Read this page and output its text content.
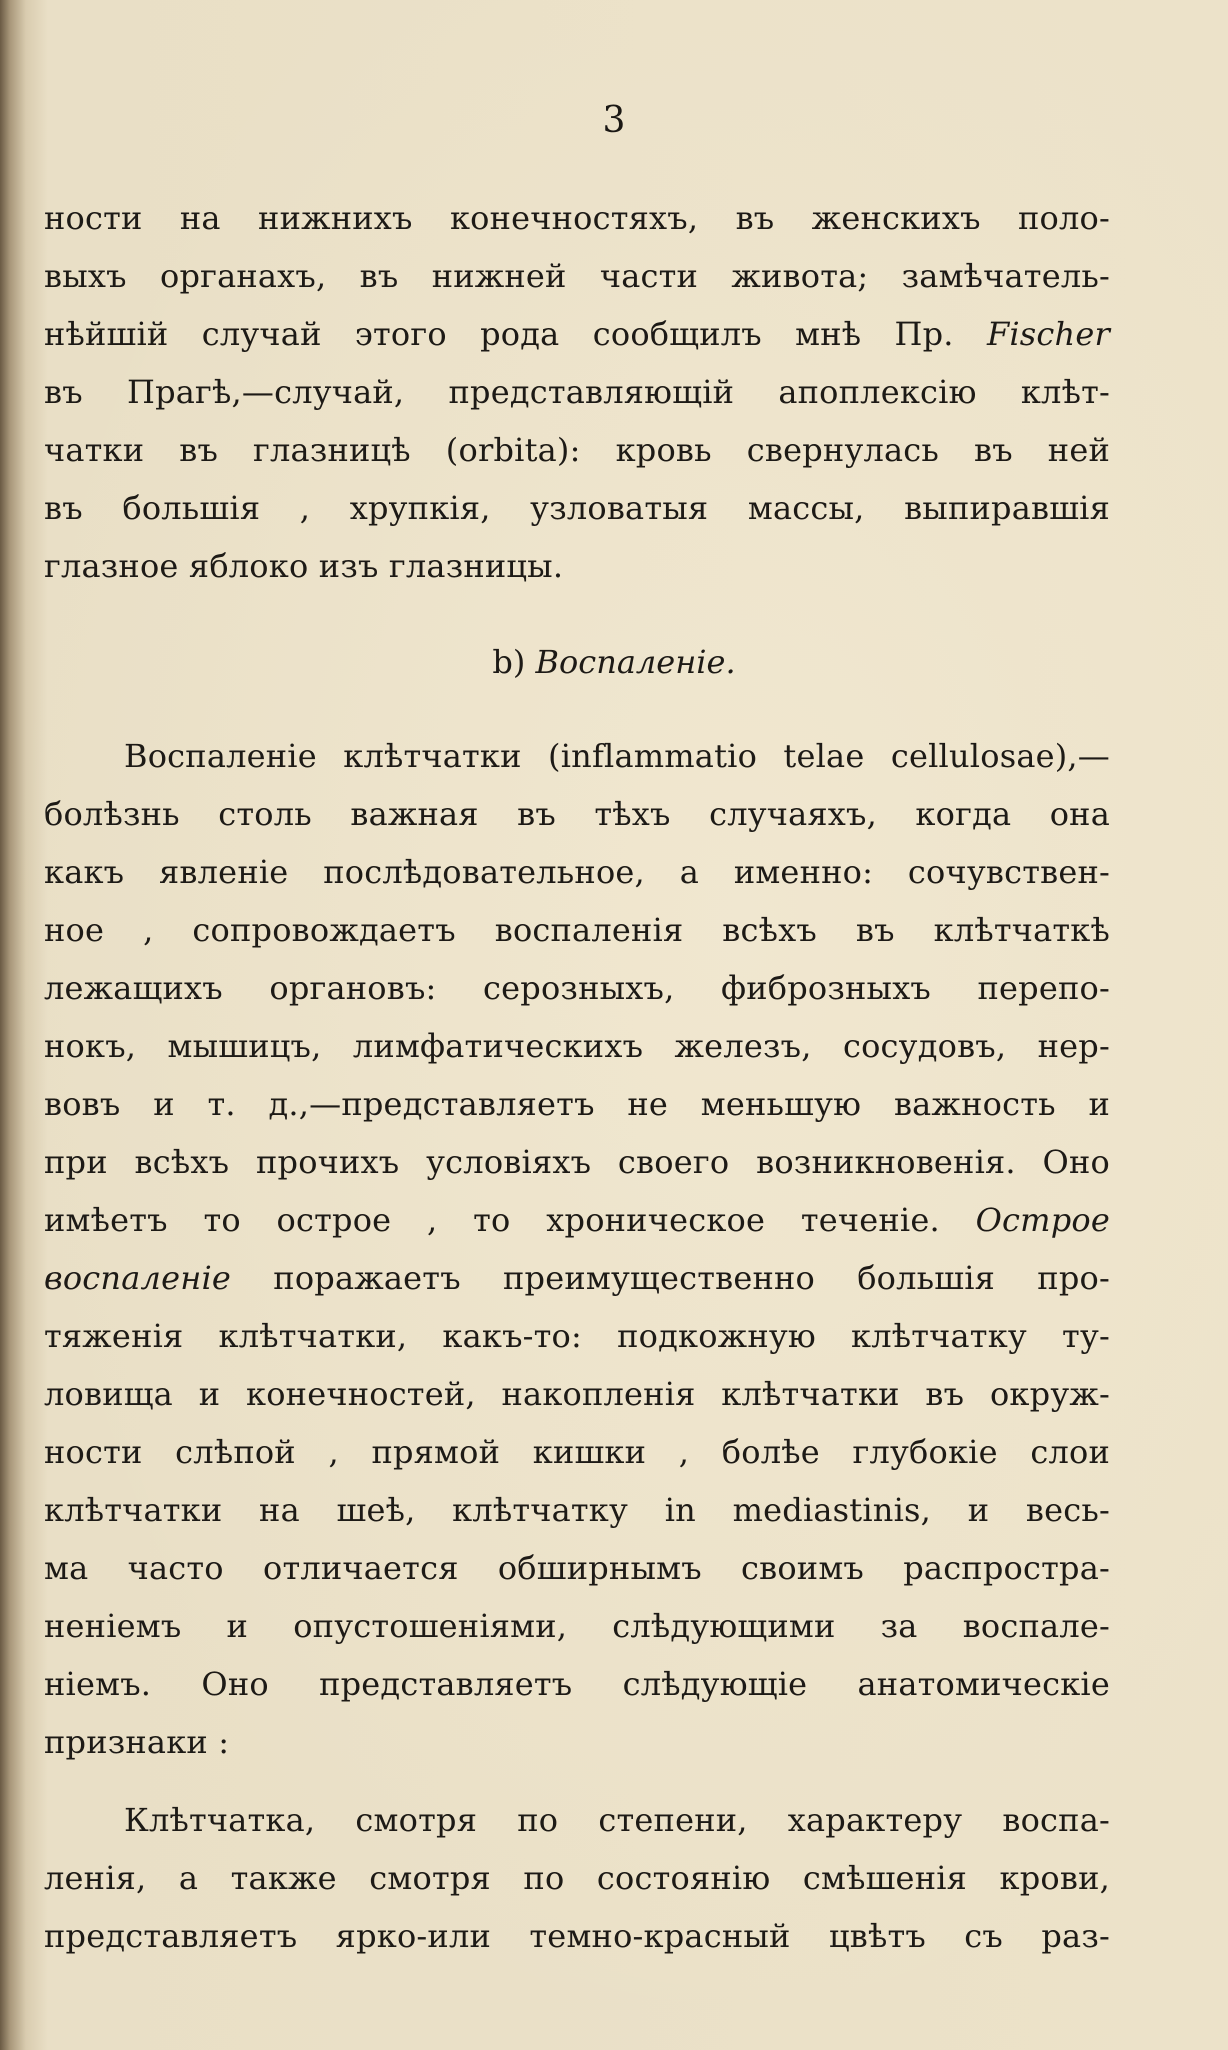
3
ности на нижнихъ конечностяхъ, въ женскихъ поло-
выхъ органахъ, въ нижней части живота; замѣчатель-
нѣйшій случай этого рода сообщилъ мнѣ Пр. Fischer
въ Прагѣ,—случай, представляющій апоплексію клѣт-
чатки въ глазницѣ (orbita): кровь свернулась въ ней
въ большія , хрупкія, узловатыя массы, выпиравшія
глазное яблоко изъ глазницы.
b) Воспаленіе.
Воспаленіе клѣтчатки (inflammatio telae cellulosae),—
болѣзнь столь важная въ тѣхъ случаяхъ, когда она
какъ явленіе послѣдовательное, а именно: сочувствен-
ное , сопровождаетъ воспаленія всѣхъ въ клѣтчаткѣ
лежащихъ органовъ: серозныхъ, фиброзныхъ перепо-
нокъ, мышицъ, лимфатическихъ железъ, сосудовъ, нер-
вовъ и т. д.,—представляетъ не меньшую важность и
при всѣхъ прочихъ условіяхъ своего возникновенія. Оно
имѣетъ то острое , то хроническое теченіе. Острое
воспаленіе поражаетъ преимущественно большія про-
тяженія клѣтчатки, какъ-то: подкожную клѣтчатку ту-
ловища и конечностей, накопленія клѣтчатки въ окруж-
ности слѣпой , прямой кишки , болѣе глубокіе слои
клѣтчатки на шеѣ, клѣтчатку in mediastinis, и весь-
ма часто отличается обширнымъ своимъ распростра-
неніемъ и опустошеніями, слѣдующими за воспале-
ніемъ. Оно представляетъ слѣдующіе анатомическіе
признаки :
Клѣтчатка, смотря по степени, характеру воспа-
ленія, а также смотря по состоянію смѣшенія крови,
представляетъ ярко-или темно-красный цвѣтъ съ раз-
